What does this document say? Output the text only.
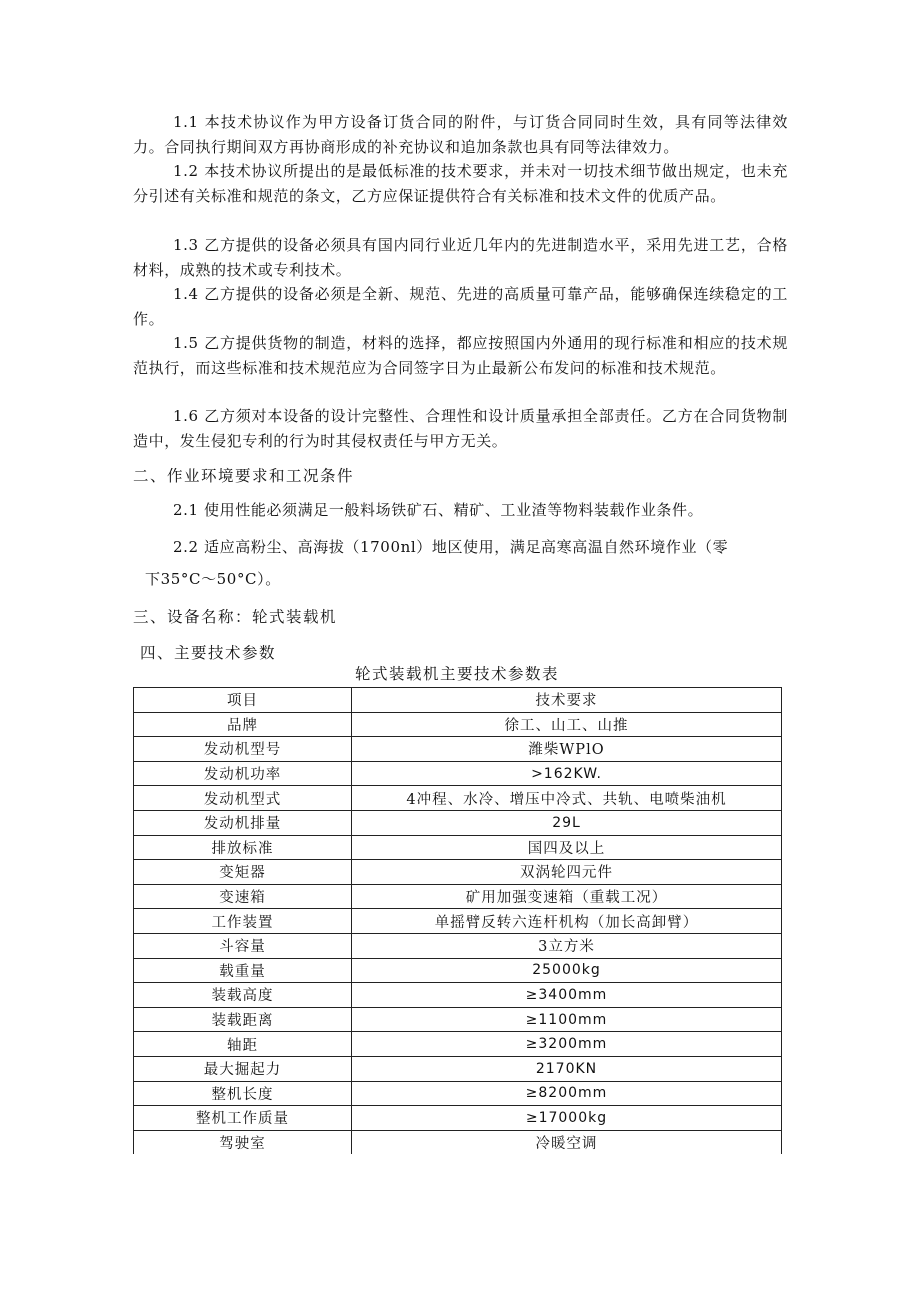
1.1 本技术协议作为甲方设备订货合同的附件，与订货合同同时生效，具有同等法律效力。合同执行期间双方再协商形成的补充协议和追加条款也具有同等法律效力。

1.2 本技术协议所提出的是最低标准的技术要求，并未对一切技术细节做出规定，也未充分引述有关标准和规范的条文，乙方应保证提供符合有关标准和技术文件的优质产品。

1.3 乙方提供的设备必须具有国内同行业近几年内的先进制造水平，采用先进工艺，合格材料，成熟的技术或专利技术。

1.4 乙方提供的设备必须是全新、规范、先进的高质量可靠产品，能够确保连续稳定的工作。

1.5 乙方提供货物的制造，材料的选择，都应按照国内外通用的现行标准和相应的技术规范执行，而这些标准和技术规范应为合同签字日为止最新公布发问的标准和技术规范。

1.6 乙方须对本设备的设计完整性、合理性和设计质量承担全部责任。乙方在合同货物制造中，发生侵犯专利的行为时其侵权责任与甲方无关。

二、作业环境要求和工况条件

2.1 使用性能必须满足一般料场铁矿石、精矿、工业渣等物料装载作业条件。

2.2 适应高粉尘、高海拔（1700nl）地区使用，满足高寒高温自然环境作业（零

下35°C～50°C）。

三、设备名称：轮式装载机

四、主要技术参数

轮式装载机主要技术参数表

项目	技术要求
品牌	徐工、山工、山推
发动机型号	潍柴WPlO
发动机功率	>162KW.
发动机型式	4冲程、水冷、增压中冷式、共轨、电喷柴油机
发动机排量	29L
排放标准	国四及以上
变矩器	双涡轮四元件
变速箱	矿用加强变速箱（重载工况）
工作装置	单摇臂反转六连杆机构（加长高卸臂）
斗容量	3立方米
载重量	25000kg
装载高度	≥3400mm
装载距离	≥1100mm
轴距	≥3200mm
最大掘起力	2170KN
整机长度	≥8200mm
整机工作质量	≥17000kg
驾驶室	冷暖空调
